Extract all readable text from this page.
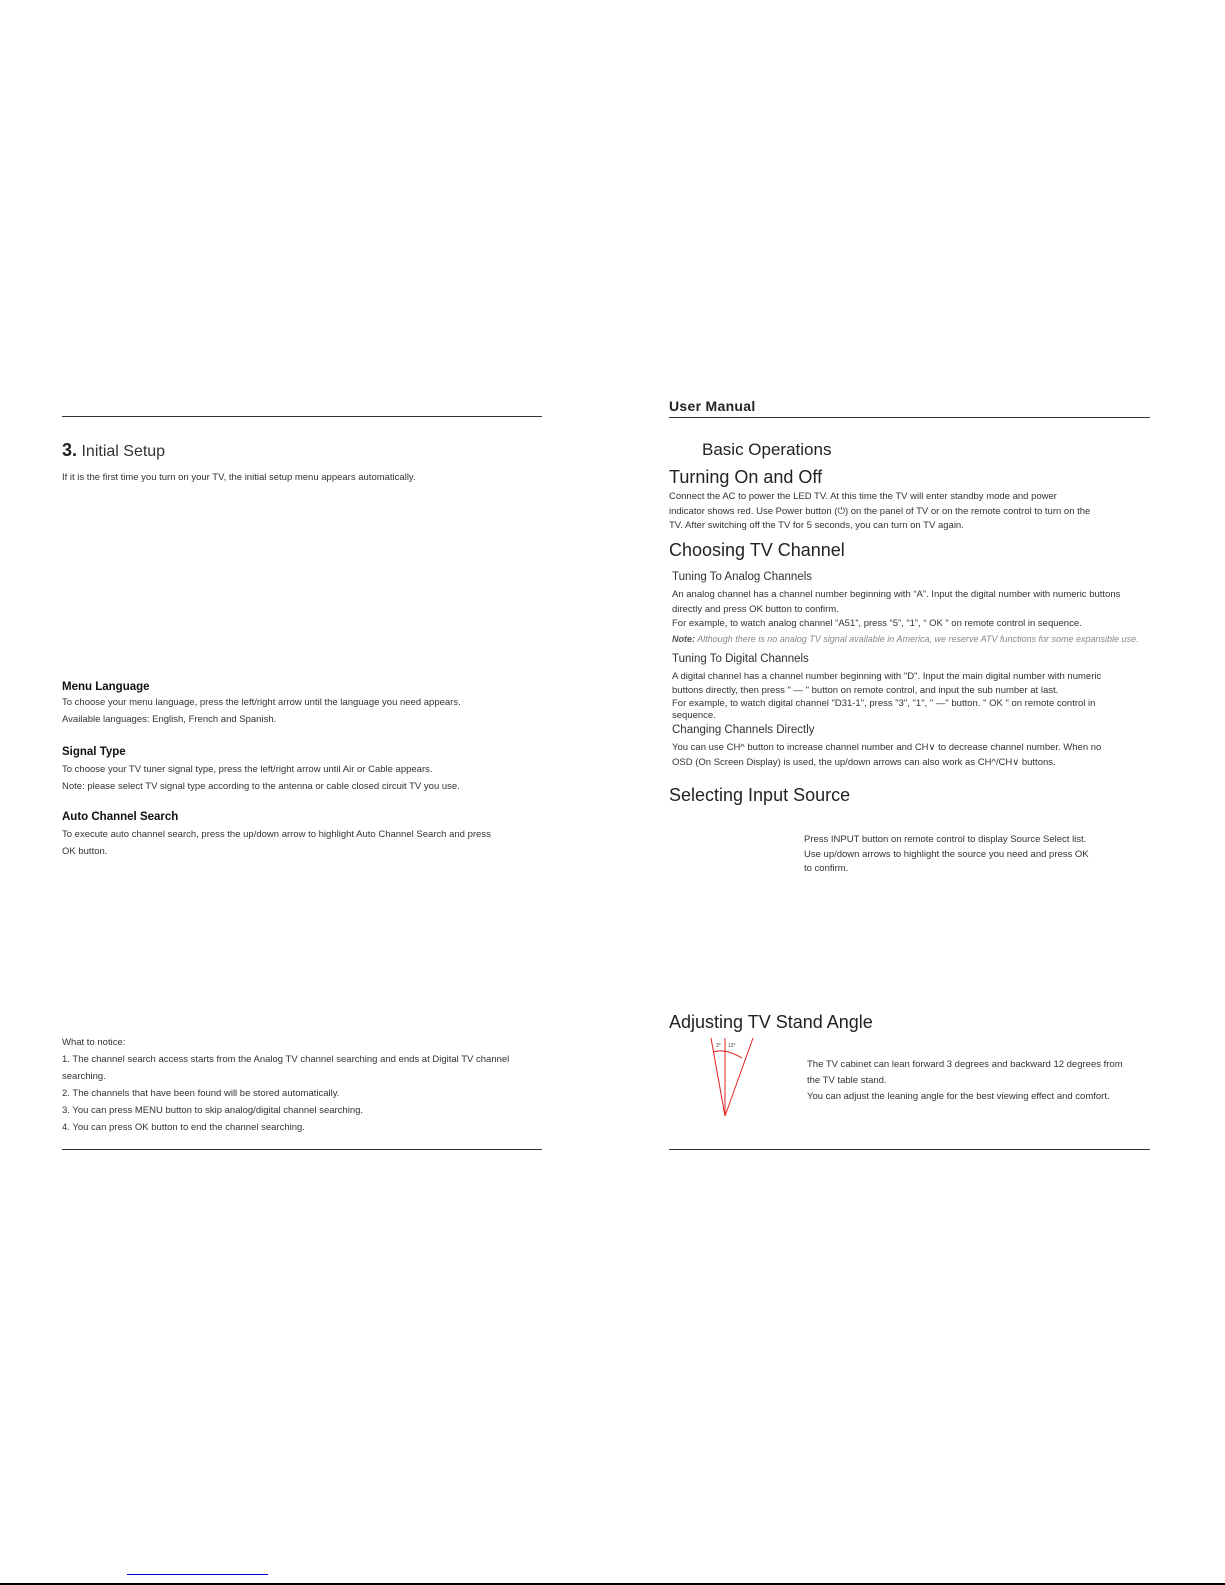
3. Initial Setup
If it is the first time you turn on your TV, the initial setup menu appears automatically.
Menu Language
To choose your menu language, press the left/right arrow until the language you need appears.
Available languages: English, French and Spanish.
Signal Type
To choose your TV tuner signal type, press the left/right arrow until Air or Cable appears.
Note: please select TV signal type according to the antenna or cable closed circuit TV you use.
Auto Channel Search
To execute auto channel search, press the up/down arrow to highlight Auto Channel Search and press
OK button.
What to notice:
1. The channel search access starts from the Analog TV channel searching and ends at Digital TV channel
searching.
2. The channels that have been found will be stored automatically.
3. You can press MENU button to skip analog/digital channel searching.
4. You can press OK button to end the channel searching.
User Manual
Basic Operations
Turning On and Off
Connect the AC to power the LED TV. At this time the TV will enter standby mode and power
indicator shows red. Use Power button (⏻) on the panel of TV or on the remote control to turn on the
TV. After switching off the TV for 5 seconds, you can turn on TV again.
Choosing TV Channel
Tuning To Analog Channels
An analog channel has a channel number beginning with “A”. Input the digital number with numeric buttons
directly and press OK button to confirm.
For example, to watch analog channel “A51”, press “5”, “1”, “ OK ” on remote control in sequence.
Note: Although there is no analog TV signal available in America, we reserve ATV functions for some expansible use.
Tuning To Digital Channels
A digital channel has a channel number beginning with "D". Input the main digital number with numeric
buttons directly, then press " — " button on remote control, and input the sub number at last.
For example, to watch digital channel "D31-1", press "3", "1", " —" button. " OK " on remote control in
sequence.
Changing Channels Directly
You can use CH^ button to increase channel number and CH∨ to decrease channel number. When no
OSD (On Screen Display) is used, the up/down arrows can also work as CH^/CH∨ buttons.
Selecting Input Source
Press INPUT button on remote control to display Source Select list.
Use up/down arrows to highlight the source you need and press OK
to confirm.
Adjusting TV Stand Angle
3° 12°
The TV cabinet can lean forward 3 degrees and backward 12 degrees from
the TV table stand.
You can adjust the leaning angle for the best viewing effect and comfort.
